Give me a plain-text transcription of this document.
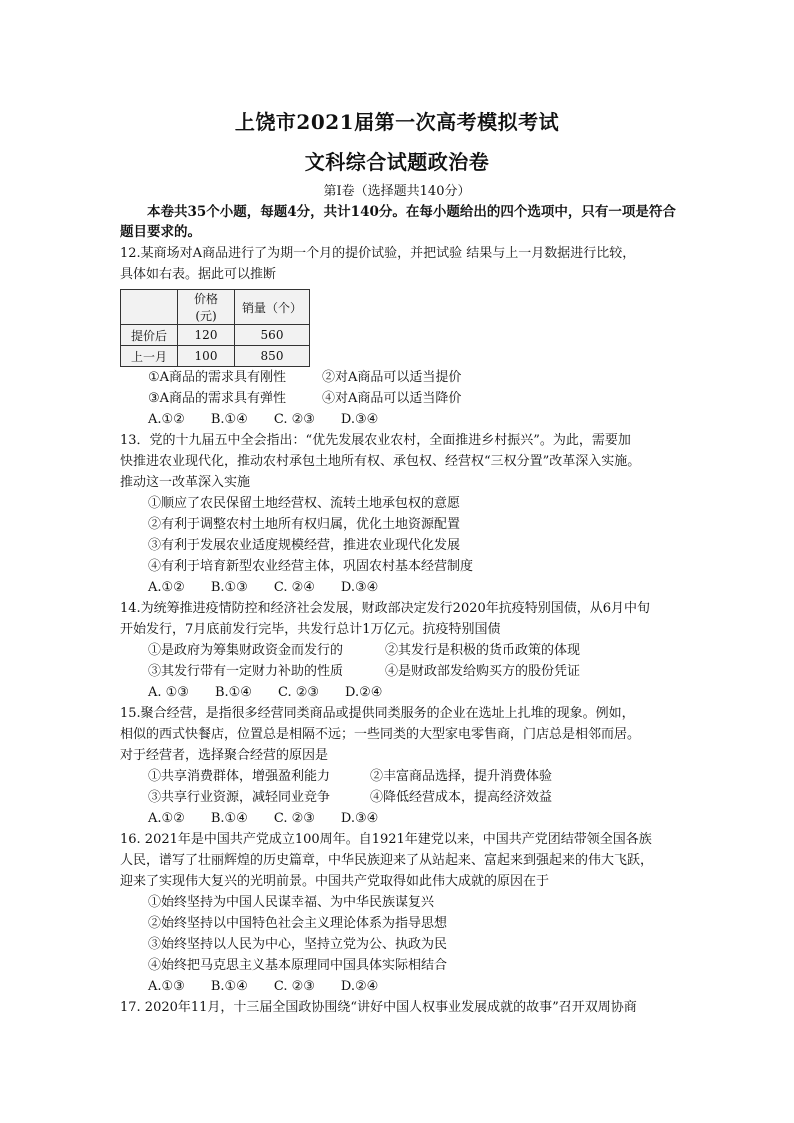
上饶市2021届第一次高考模拟考试
文科综合试题政治卷
第Ⅰ卷（选择题共140分）
本卷共35个小题，每题4分，共计140分。在每小题给出的四个选项中，只有一项是符合题目要求的。
12.某商场对A商品进行了为期一个月的提价试验，并把试验 结果与上一月数据进行比较，
具体如右表。据此可以推断
	价格(元)	销量（个）
提价后	120	560
上一月	100	850
①A商品的需求具有刚性	②对A商品可以适当提价
③A商品的需求具有弹性	④对A商品可以适当降价
A.①② B.①④ C. ②③ D.③④
13．党的十九届五中全会指出：“优先发展农业农村，全面推进乡村振兴”。为此，需要加
快推进农业现代化，推动农村承包土地所有权、承包权、经营权“三权分置”改革深入实施。
推动这一改革深入实施
①顺应了农民保留土地经营权、流转土地承包权的意愿
②有利于调整农村土地所有权归属，优化土地资源配置
③有利于发展农业适度规模经营，推进农业现代化发展
④有利于培育新型农业经营主体，巩固农村基本经营制度
A.①② B.①③ C. ②④ D.③④
14.为统筹推进疫情防控和经济社会发展，财政部决定发行2020年抗疫特别国债，从6月中旬
开始发行，7月底前发行完毕，共发行总计1万亿元。抗疫特别国债
①是政府为筹集财政资金而发行的	②其发行是积极的货币政策的体现
③其发行带有一定财力补助的性质	④是财政部发给购买方的股份凭证
A. ①③ B.①④ C. ②③ D.②④
15.聚合经营，是指很多经营同类商品或提供同类服务的企业在选址上扎堆的现象。例如，
相似的西式快餐店，位置总是相隔不远；一些同类的大型家电零售商，门店总是相邻而居。
对于经营者，选择聚合经营的原因是
①共享消费群体，增强盈利能力	②丰富商品选择，提升消费体验
③共享行业资源，减轻同业竞争	④降低经营成本，提高经济效益
A.①② B.①④ C. ②③ D.③④
16. 2021年是中国共产党成立100周年。自1921年建党以来，中国共产党团结带领全国各族
人民，谱写了壮丽辉煌的历史篇章，中华民族迎来了从站起来、富起来到强起来的伟大飞跃，
迎来了实现伟大复兴的光明前景。中国共产党取得如此伟大成就的原因在于
①始终坚持为中国人民谋幸福、为中华民族谋复兴
②始终坚持以中国特色社会主义理论体系为指导思想
③始终坚持以人民为中心，坚持立党为公、执政为民
④始终把马克思主义基本原理同中国具体实际相结合
A.①③ B.①④ C. ②③ D.②④
17. 2020年11月，十三届全国政协围绕“讲好中国人权事业发展成就的故事”召开双周协商
